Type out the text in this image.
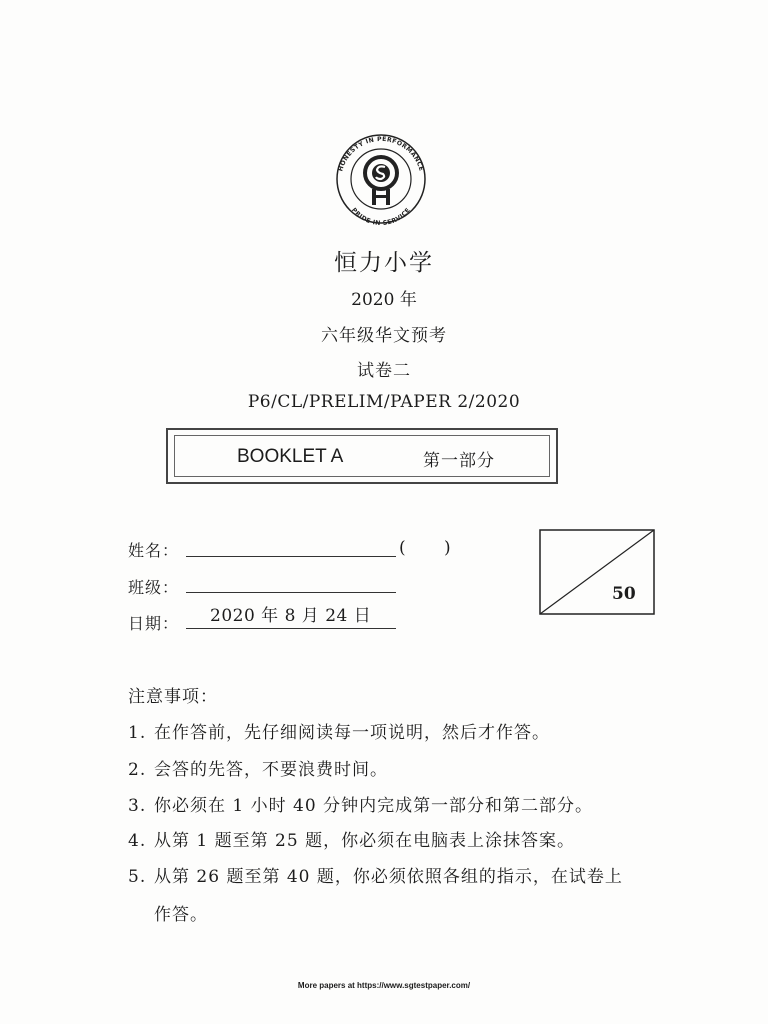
HONESTY IN PERFORMANCE
PRIDE IN SERVICE
恒力小学
2020 年
六年级华文预考
试卷二
P6/CL/PRELIM/PAPER 2/2020
BOOKLET A	第一部分
姓名：	( )
班级：
日期： 2020 年 8 月 24 日
50
注意事项：
1. 在作答前，先仔细阅读每一项说明，然后才作答。
2. 会答的先答，不要浪费时间。
3. 你必须在 1 小时 40 分钟内完成第一部分和第二部分。
4. 从第 1 题至第 25 题，你必须在电脑表上涂抹答案。
5. 从第 26 题至第 40 题，你必须依照各组的指示，在试卷上
作答。
More papers at https://www.sgtestpaper.com/
